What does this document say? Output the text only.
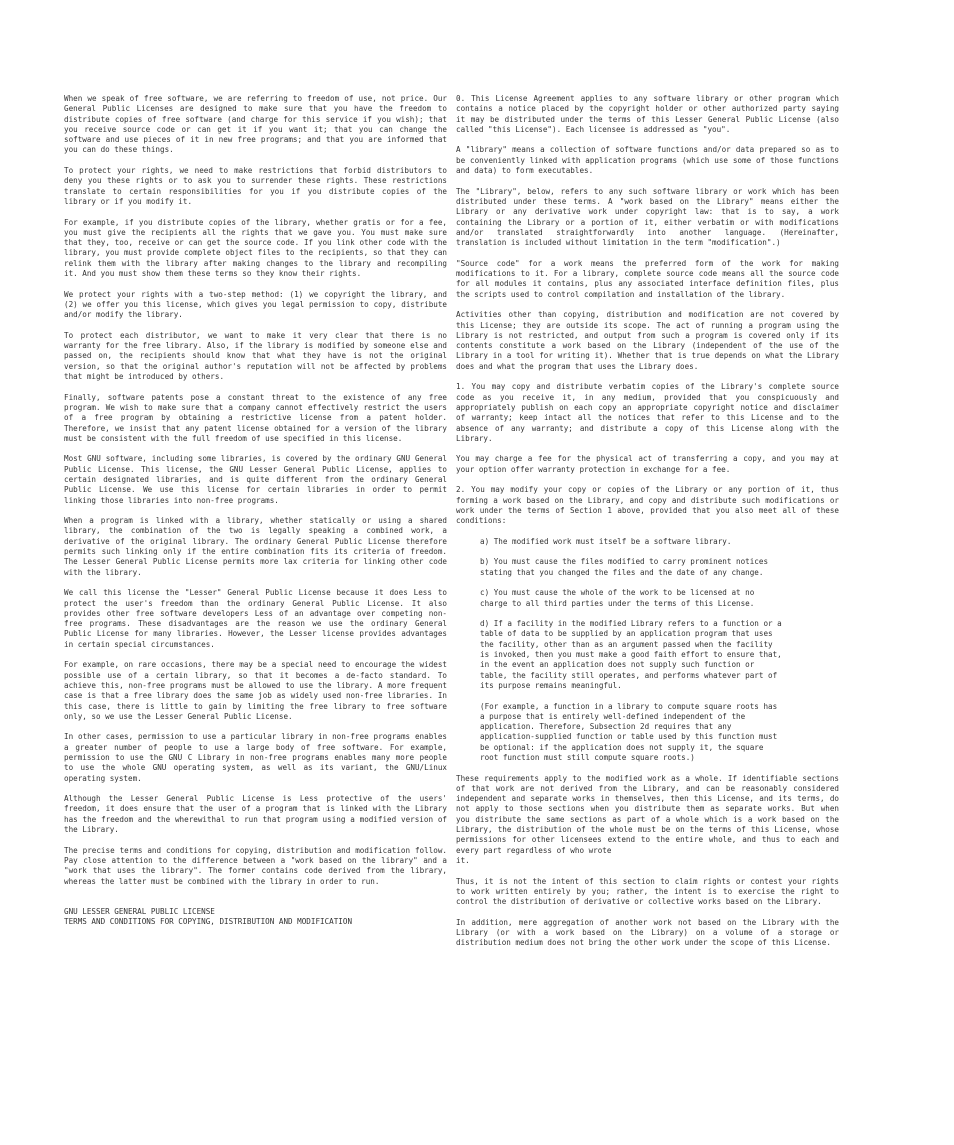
When we speak of free software, we are referring to freedom of use, not price. Our General Public Licenses are designed to make sure that you have the freedom to distribute copies of free software (and charge for this service if you wish); that you receive source code or can get it if you want it; that you can change the software and use pieces of it in new free programs; and that you are informed that you can do these things.

To protect your rights, we need to make restrictions that forbid distributors to deny you these rights or to ask you to surrender these rights. These restrictions translate to certain responsibilities for you if you distribute copies of the library or if you modify it.

For example, if you distribute copies of the library, whether gratis or for a fee, you must give the recipients all the rights that we gave you. You must make sure that they, too, receive or can get the source code. If you link other code with the library, you must provide complete object files to the recipients, so that they can relink them with the library after making changes to the library and recompiling it. And you must show them these terms so they know their rights.

We protect your rights with a two-step method: (1) we copyright the library, and (2) we offer you this license, which gives you legal permission to copy, distribute and/or modify the library.

To protect each distributor, we want to make it very clear that there is no warranty for the free library. Also, if the library is modified by someone else and passed on, the recipients should know that what they have is not the original version, so that the original author's reputation will not be affected by problems that might be introduced by others.

Finally, software patents pose a constant threat to the existence of any free program. We wish to make sure that a company cannot effectively restrict the users of a free program by obtaining a restrictive license from a patent holder. Therefore, we insist that any patent license obtained for a version of the library must be consistent with the full freedom of use specified in this license.

Most GNU software, including some libraries, is covered by the ordinary GNU General Public License. This license, the GNU Lesser General Public License, applies to certain designated libraries, and is quite different from the ordinary General Public License. We use this license for certain libraries in order to permit linking those libraries into non-free programs.

When a program is linked with a library, whether statically or using a shared library, the combination of the two is legally speaking a combined work, a derivative of the original library. The ordinary General Public License therefore permits such linking only if the entire combination fits its criteria of freedom. The Lesser General Public License permits more lax criteria for linking other code with the library.

We call this license the "Lesser" General Public License because it does Less to protect the user's freedom than the ordinary General Public License. It also provides other free software developers Less of an advantage over competing non-free programs. These disadvantages are the reason we use the ordinary General Public License for many libraries. However, the Lesser license provides advantages in certain special circumstances.

For example, on rare occasions, there may be a special need to encourage the widest possible use of a certain library, so that it becomes a de-facto standard. To achieve this, non-free programs must be allowed to use the library. A more frequent case is that a free library does the same job as widely used non-free libraries. In this case, there is little to gain by limiting the free library to free software only, so we use the Lesser General Public License.

In other cases, permission to use a particular library in non-free programs enables a greater number of people to use a large body of free software. For example, permission to use the GNU C Library in non-free programs enables many more people to use the whole GNU operating system, as well as its variant, the GNU/Linux operating system.

Although the Lesser General Public License is Less protective of the users' freedom, it does ensure that the user of a program that is linked with the Library has the freedom and the wherewithal to run that program using a modified version of the Library.

The precise terms and conditions for copying, distribution and modification follow. Pay close attention to the difference between a "work based on the library" and a "work that uses the library". The former contains code derived from the library, whereas the latter must be combined with the library in order to run.

GNU LESSER GENERAL PUBLIC LICENSE

TERMS AND CONDITIONS FOR COPYING, DISTRIBUTION AND MODIFICATION

0. This License Agreement applies to any software library or other program which contains a notice placed by the copyright holder or other authorized party saying it may be distributed under the terms of this Lesser General Public License (also called "this License"). Each licensee is addressed as "you".

A "library" means a collection of software functions and/or data prepared so as to be conveniently linked with application programs (which use some of those functions and data) to form executables.

The "Library", below, refers to any such software library or work which has been distributed under these terms. A "work based on the Library" means either the Library or any derivative work under copyright law: that is to say, a work containing the Library or a portion of it, either verbatim or with modifications and/or translated straightforwardly into another language. (Hereinafter, translation is included without limitation in the term "modification".)

"Source code" for a work means the preferred form of the work for making modifications to it. For a library, complete source code means all the source code for all modules it contains, plus any associated interface definition files, plus the scripts used to control compilation and installation of the library.

Activities other than copying, distribution and modification are not covered by this License; they are outside its scope. The act of running a program using the Library is not restricted, and output from such a program is covered only if its contents constitute a work based on the Library (independent of the use of the Library in a tool for writing it). Whether that is true depends on what the Library does and what the program that uses the Library does.

1. You may copy and distribute verbatim copies of the Library's complete source code as you receive it, in any medium, provided that you conspicuously and appropriately publish on each copy an appropriate copyright notice and disclaimer of warranty; keep intact all the notices that refer to this License and to the absence of any warranty; and distribute a copy of this License along with the Library.

You may charge a fee for the physical act of transferring a copy, and you may at your option offer warranty protection in exchange for a fee.

2. You may modify your copy or copies of the Library or any portion of it, thus forming a work based on the Library, and copy and distribute such modifications or work under the terms of Section 1 above, provided that you also meet all of these conditions:

a) The modified work must itself be a software library.

b) You must cause the files modified to carry prominent notices
stating that you changed the files and the date of any change.

c) You must cause the whole of the work to be licensed at no
charge to all third parties under the terms of this License.

d) If a facility in the modified Library refers to a function or a
table of data to be supplied by an application program that uses
the facility, other than as an argument passed when the facility
is invoked, then you must make a good faith effort to ensure that,
in the event an application does not supply such function or
table, the facility still operates, and performs whatever part of
its purpose remains meaningful.

(For example, a function in a library to compute square roots has
a purpose that is entirely well-defined independent of the
application. Therefore, Subsection 2d requires that any
application-supplied function or table used by this function must
be optional: if the application does not supply it, the square
root function must still compute square roots.)

These requirements apply to the modified work as a whole. If identifiable sections of that work are not derived from the Library, and can be reasonably considered independent and separate works in themselves, then this License, and its terms, do not apply to those sections when you distribute them as separate works. But when you distribute the same sections as part of a whole which is a work based on the Library, the distribution of the whole must be on the terms of this License, whose permissions for other licensees extend to the entire whole, and thus to each and every part regardless of who wrote
it.

Thus, it is not the intent of this section to claim rights or contest your rights to work written entirely by you; rather, the intent is to exercise the right to control the distribution of derivative or collective works based on the Library.

In addition, mere aggregation of another work not based on the Library with the Library (or with a work based on the Library) on a volume of a storage or distribution medium does not bring the other work under the scope of this License.
